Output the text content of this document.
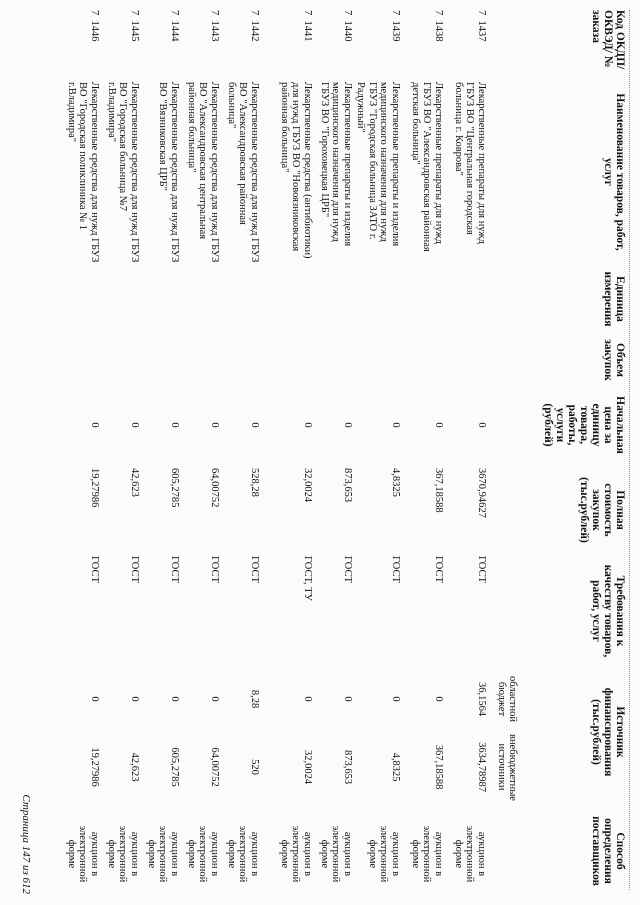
Код ОКДП/ ОКВЭД/ № заказа
Наименование товаров, работ, услуг
Единица измерения
Объем закупок
Начальная цена за единицу товара, работы, услуги (рублей)
Полная стоимость закупок (тыс.рублей)
Требования к качеству товаров, работ, услуг
Источник финансирования (тыс.рублей)
областной бюджет
внебюджетные источники
Способ определения поставщиков
7  1437
Лекарственные препараты для нужд ГБУЗ ВО "Центральная городская больница г. Коврова"
0
3670,94627
ГОСТ
36,1564
3634,78987
аукцион в электронной форме
7  1438
Лекарственные препараты для нужд ГБУЗ ВО "Александровская районная детская больница"
0
367,18588
ГОСТ
0
367,18588
аукцион в электронной форме
7  1439
Лекарственные препараты и изделия медицинского назначения для нужд ГБУЗ "Городская больница ЗАТО г. Радужный"
0
4,8325
ГОСТ
0
4,8325
аукцион в электронной форме
7  1440
Лекарственные препараты и изделия медицинского назначения для нужд ГБУЗ ВО "Гороховецкая ЦРБ"
0
873,653
ГОСТ
0
873,653
аукцион в электронной форме
7  1441
Лекарственные средства (антибиотики) для нужд ГБУЗ ВО "Новоязниковская районная больница"
0
32,0024
ГОСТ, ТУ
0
32,0024
аукцион в электронной форме
7  1442
Лекарственные средства для нужд ГБУЗ ВО "Александровская районная больница"
0
528,28
ГОСТ
8,28
520
аукцион в электронной форме
7  1443
Лекарственные средства для нужд ГБУЗ ВО "Александровская центральная районная больница"
0
64,00752
ГОСТ
0
64,00752
аукцион в электронной форме
7  1444
Лекарственные средства для нужд ГБУЗ ВО "Вязниковская ЦРБ"
0
605,2785
ГОСТ
0
605,2785
аукцион в электронной форме
7  1445
Лекарственные средства для нужд ГБУЗ ВО "Городская больница №7 г.Владимира"
0
42,623
ГОСТ
0
42,623
аукцион в электронной форме
7  1446
Лекарственные средства для нужд ГБУЗ ВО "Городская поликлиника № 1 г.Владимира"
0
19,27986
ГОСТ
0
19,27986
аукцион в электронной форме
Страница 147 из 612
